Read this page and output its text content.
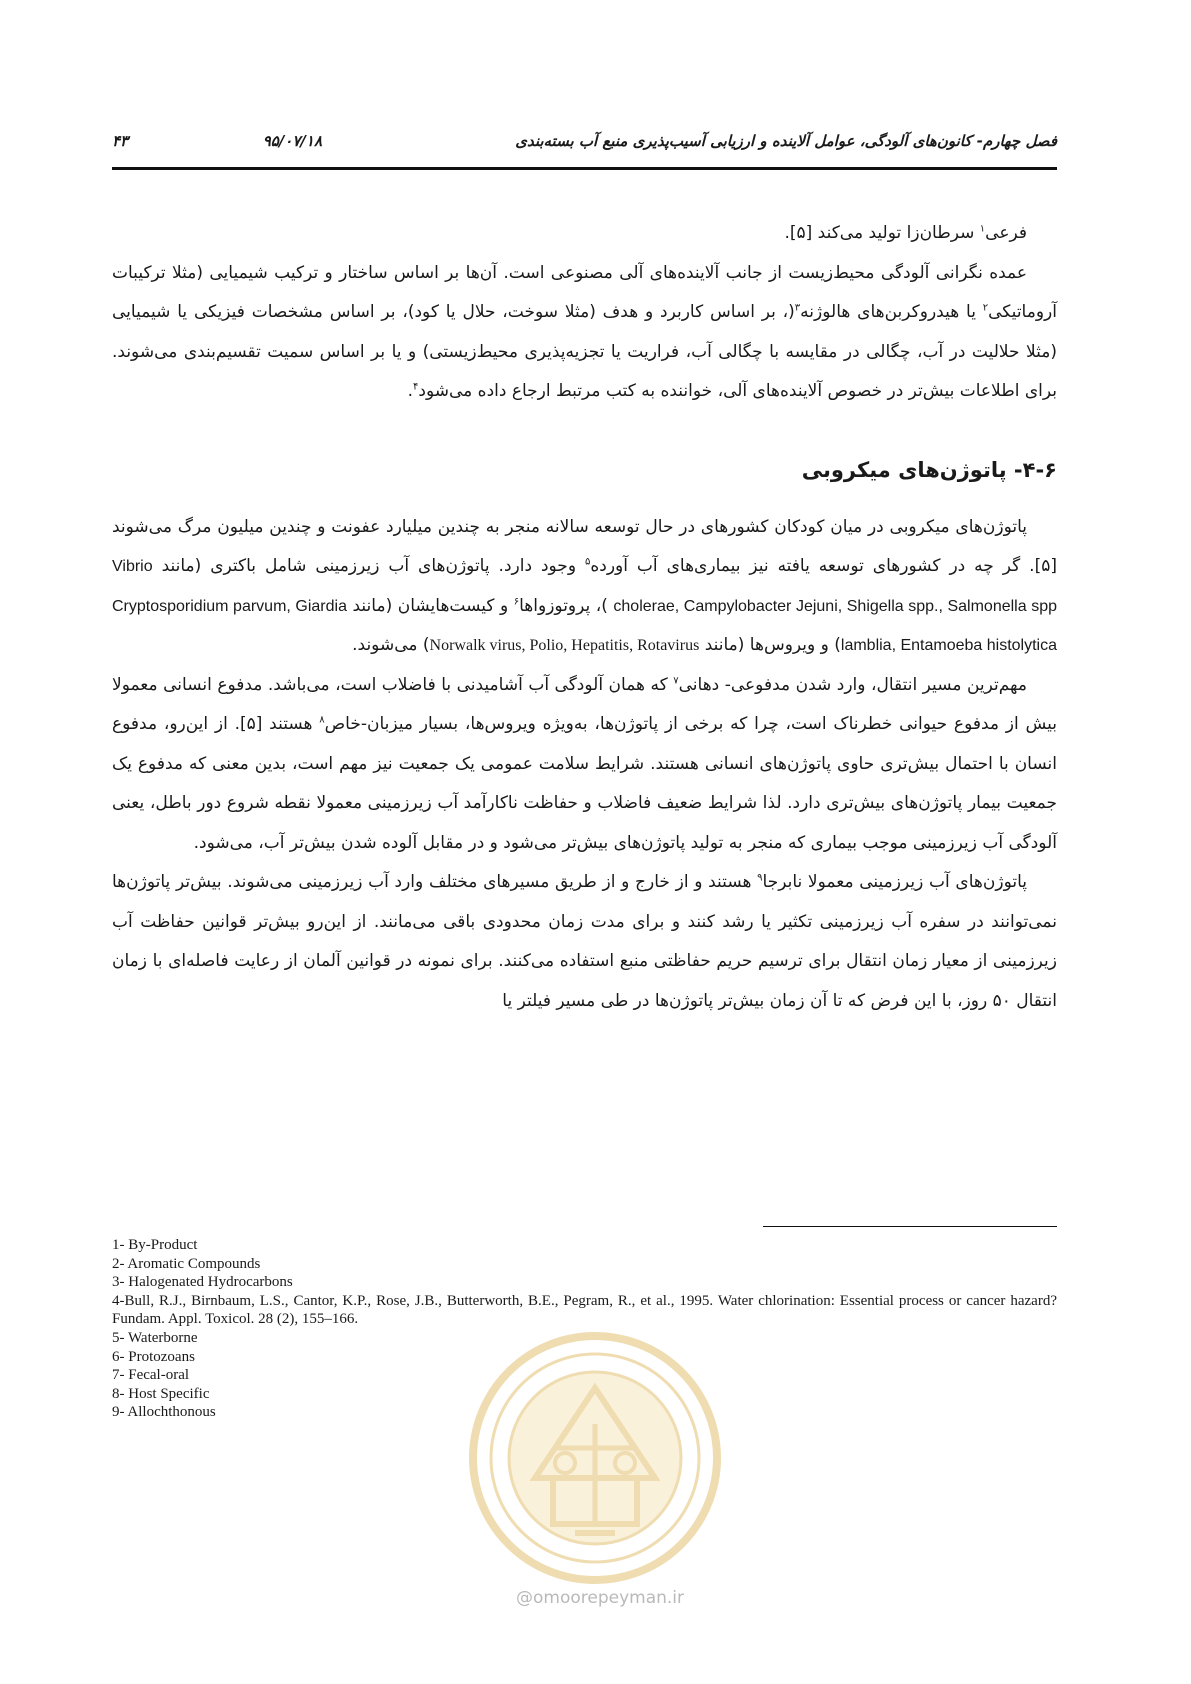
فصل چهارم- کانون‌های آلودگی، عوامل آلاینده و ارزیابی آسیب‌پذیری منبع آب بسته‌بندی
۹۵/۰۷/۱۸
۴۳

فرعی$^۱$ سرطان‌زا تولید می‌کند [۵].

عمده نگرانی آلودگی محیط‌زیست از جانب آلاینده‌های آلی مصنوعی است. آن‌ها بر اساس ساختار و ترکیب شیمیایی (مثلا ترکیبات آروماتیکی$^۲$ یا هیدروکربن‌های هالوژنه$^۳$(، بر اساس کاربرد و هدف (مثلا سوخت، حلال یا کود)، بر اساس مشخصات فیزیکی یا شیمیایی (مثلا حلالیت در آب، چگالی در مقایسه با چگالی آب، فراریت یا تجزیه‌پذیری محیط‌زیستی) و یا بر اساس سمیت تقسیم‌بندی می‌شوند. برای اطلاعات بیش‌تر در خصوص آلاینده‌های آلی، خواننده به کتب مرتبط ارجاع داده می‌شود$^۴$.

۴-۶- پاتوژن‌های میکروبی

پاتوژن‌های میکروبی در میان کودکان کشورهای در حال توسعه سالانه منجر به چندین میلیارد عفونت و چندین میلیون مرگ می‌شوند [۵]. گر چه در کشورهای توسعه یافته نیز بیماری‌های آب آورده$^۵$ وجود دارد. پاتوژن‌های آب زیرزمینی شامل باکتری (مانند Vibrio cholerae, Campylobacter Jejuni, Shigella spp., Salmonella spp )، پروتوزواها$^۶$ و کیست‌هایشان (مانند Cryptosporidium parvum, Giardia lamblia, Entamoeba histolytica) و ویروس‌ها (مانند Norwalk virus, Polio, Hepatitis, Rotavirus) می‌شوند.

مهم‌ترین مسیر انتقال، وارد شدن مدفوعی- دهانی$^۷$ که همان آلودگی آب آشامیدنی با فاضلاب است، می‌باشد. مدفوع انسانی معمولا بیش از مدفوع حیوانی خطرناک است، چرا که برخی از پاتوژن‌ها، به‌ویژه ویروس‌ها، بسیار میزبان-خاص$^۸$ هستند [۵]. از این‌رو، مدفوع انسان با احتمال بیش‌تری حاوی پاتوژن‌های انسانی هستند. شرایط سلامت عمومی یک جمعیت نیز مهم است، بدین معنی که مدفوع یک جمعیت بیمار پاتوژن‌های بیش‌تری دارد. لذا شرایط ضعیف فاضلاب و حفاظت ناکارآمد آب زیرزمینی معمولا نقطه شروع دور باطل، یعنی آلودگی آب زیرزمینی موجب بیماری که منجر به تولید پاتوژن‌های بیش‌تر می‌شود و در مقابل آلوده شدن بیش‌تر آب، می‌شود.

پاتوژن‌های آب زیرزمینی معمولا نابرجا$^۹$ هستند و از خارج و از طریق مسیرهای مختلف وارد آب زیرزمینی می‌شوند. بیش‌تر پاتوژن‌ها نمی‌توانند در سفره آب زیرزمینی تکثیر یا رشد کنند و برای مدت زمان محدودی باقی می‌مانند. از این‌رو بیش‌تر قوانین حفاظت آب زیرزمینی از معیار زمان انتقال برای ترسیم حریم حفاظتی منبع استفاده می‌کنند. برای نمونه در قوانین آلمان از رعایت فاصله‌ای با زمان انتقال ۵۰ روز، با این فرض که تا آن زمان بیش‌تر پاتوژن‌ها در طی مسیر فیلتر یا

1- By-Product

2- Aromatic Compounds

3- Halogenated Hydrocarbons

4-Bull, R.J., Birnbaum, L.S., Cantor, K.P., Rose, J.B., Butterworth, B.E., Pegram, R., et al., 1995. Water chlorination: Essential process or cancer hazard? Fundam. Appl. Toxicol. 28 (2), 155–166.

5- Waterborne

6- Protozoans

7- Fecal-oral

8- Host Specific

9- Allochthonous

@omoorepeyman.ir
